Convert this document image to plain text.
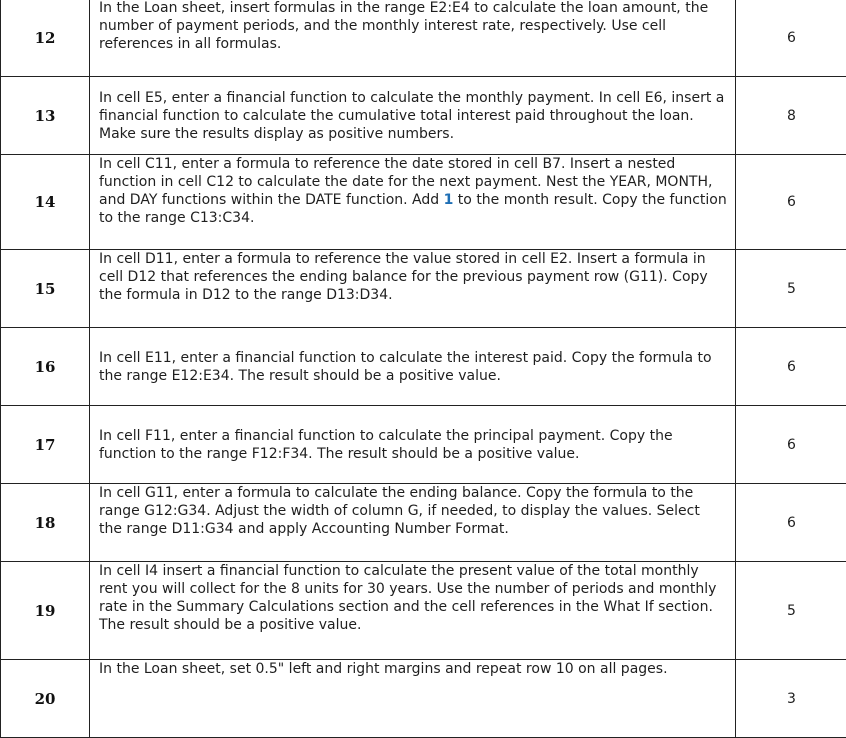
12	In the Loan sheet, insert formulas in the range E2:E4 to calculate the loan amount, the number of payment periods, and the monthly interest rate, respectively. Use cell references in all formulas.	6
13	In cell E5, enter a financial function to calculate the monthly payment. In cell E6, insert a financial function to calculate the cumulative total interest paid throughout the loan. Make sure the results display as positive numbers.	8
14	In cell C11, enter a formula to reference the date stored in cell B7. Insert a nested function in cell C12 to calculate the date for the next payment. Nest the YEAR, MONTH, and DAY functions within the DATE function. Add 1 to the month result. Copy the function to the range C13:C34.	6
15	In cell D11, enter a formula to reference the value stored in cell E2. Insert a formula in cell D12 that references the ending balance for the previous payment row (G11). Copy the formula in D12 to the range D13:D34.	5
16	In cell E11, enter a financial function to calculate the interest paid. Copy the formula to the range E12:E34. The result should be a positive value.	6
17	In cell F11, enter a financial function to calculate the principal payment. Copy the function to the range F12:F34. The result should be a positive value.	6
18	In cell G11, enter a formula to calculate the ending balance. Copy the formula to the range G12:G34. Adjust the width of column G, if needed, to display the values. Select the range D11:G34 and apply Accounting Number Format.	6
19	In cell I4 insert a financial function to calculate the present value of the total monthly rent you will collect for the 8 units for 30 years. Use the number of periods and monthly rate in the Summary Calculations section and the cell references in the What If section. The result should be a positive value.	5
20	In the Loan sheet, set 0.5" left and right margins and repeat row 10 on all pages.	3
